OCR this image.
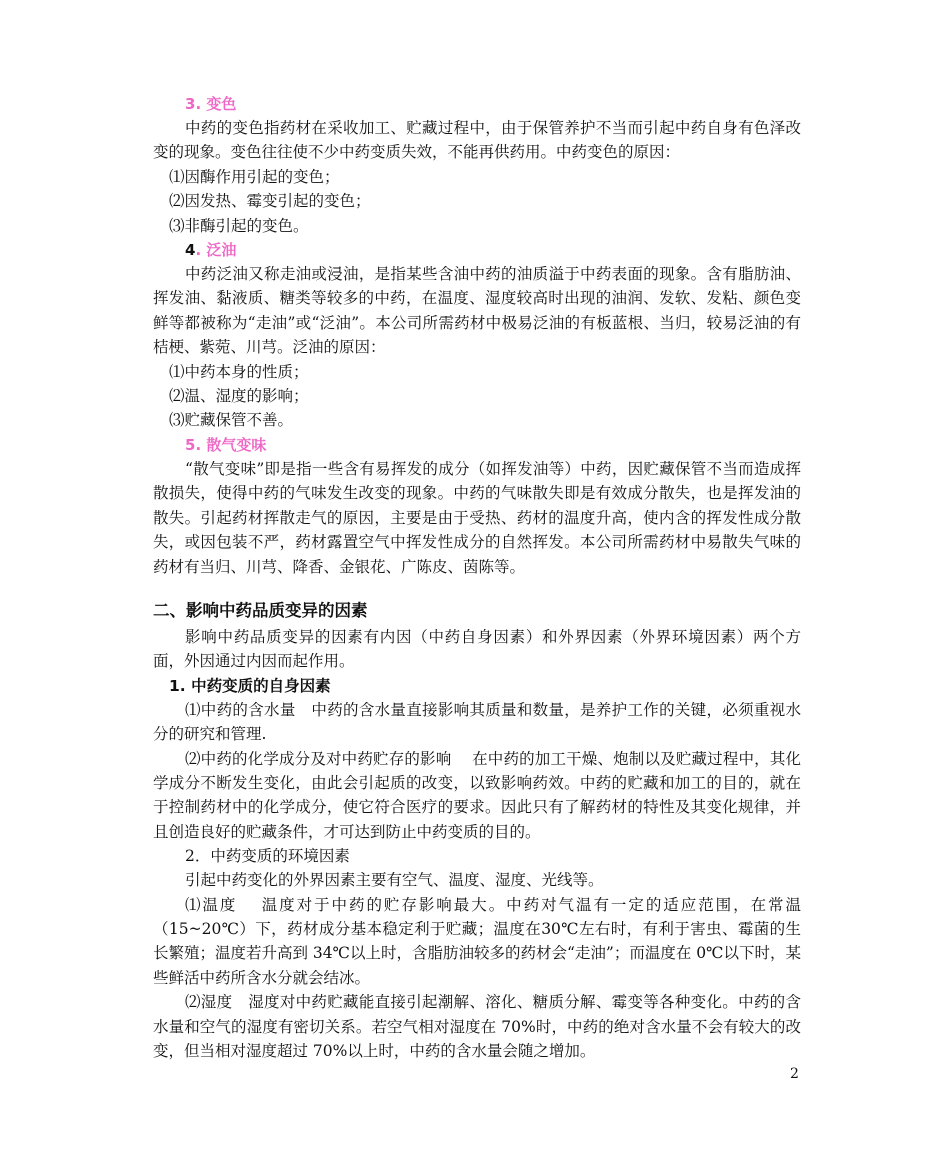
3. 变色

中药的变色指药材在采收加工、贮藏过程中，由于保管养护不当而引起中药自身有色泽改变的现象。变色往往使不少中药变质失效，不能再供药用。中药变色的原因：

⑴因酶作用引起的变色；

⑵因发热、霉变引起的变色；

⑶非酶引起的变色。

4. 泛油

中药泛油又称走油或浸油，是指某些含油中药的油质溢于中药表面的现象。含有脂肪油、挥发油、黏液质、糖类等较多的中药，在温度、湿度较高时出现的油润、发软、发粘、颜色变鲜等都被称为“走油”或“泛油”。本公司所需药材中极易泛油的有板蓝根、当归，较易泛油的有桔梗、紫菀、川芎。泛油的原因：

⑴中药本身的性质；

⑵温、湿度的影响；

⑶贮藏保管不善。

5. 散气变味

“散气变味”即是指一些含有易挥发的成分（如挥发油等）中药，因贮藏保管不当而造成挥散损失，使得中药的气味发生改变的现象。中药的气味散失即是有效成分散失，也是挥发油的散失。引起药材挥散走气的原因，主要是由于受热、药材的温度升高，使内含的挥发性成分散失，或因包装不严，药材露置空气中挥发性成分的自然挥发。本公司所需药材中易散失气味的药材有当归、川芎、降香、金银花、广陈皮、茵陈等。

二、影响中药品质变异的因素

影响中药品质变异的因素有内因（中药自身因素）和外界因素（外界环境因素）两个方面，外因通过内因而起作用。

1. 中药变质的自身因素

⑴中药的含水量　中药的含水量直接影响其质量和数量，是养护工作的关键，必须重视水分的研究和管理.

⑵中药的化学成分及对中药贮存的影响　 在中药的加工干燥、炮制以及贮藏过程中，其化学成分不断发生变化，由此会引起质的改变，以致影响药效。中药的贮藏和加工的目的，就在于控制药材中的化学成分，使它符合医疗的要求。因此只有了解药材的特性及其变化规律，并且创造良好的贮藏条件，才可达到防止中药变质的目的。

2．中药变质的环境因素

引起中药变化的外界因素主要有空气、温度、湿度、光线等。

⑴温度　 温度对于中药的贮存影响最大。中药对气温有一定的适应范围，在常温（15~20℃）下，药材成分基本稳定利于贮藏；温度在30℃左右时，有利于害虫、霉菌的生长繁殖；温度若升高到 34℃以上时，含脂肪油较多的药材会“走油”；而温度在 0℃以下时，某些鲜活中药所含水分就会结冰。

⑵湿度　湿度对中药贮藏能直接引起潮解、溶化、糖质分解、霉变等各种变化。中药的含水量和空气的湿度有密切关系。若空气相对湿度在 70%时，中药的绝对含水量不会有较大的改变，但当相对湿度超过 70%以上时，中药的含水量会随之增加。

2
